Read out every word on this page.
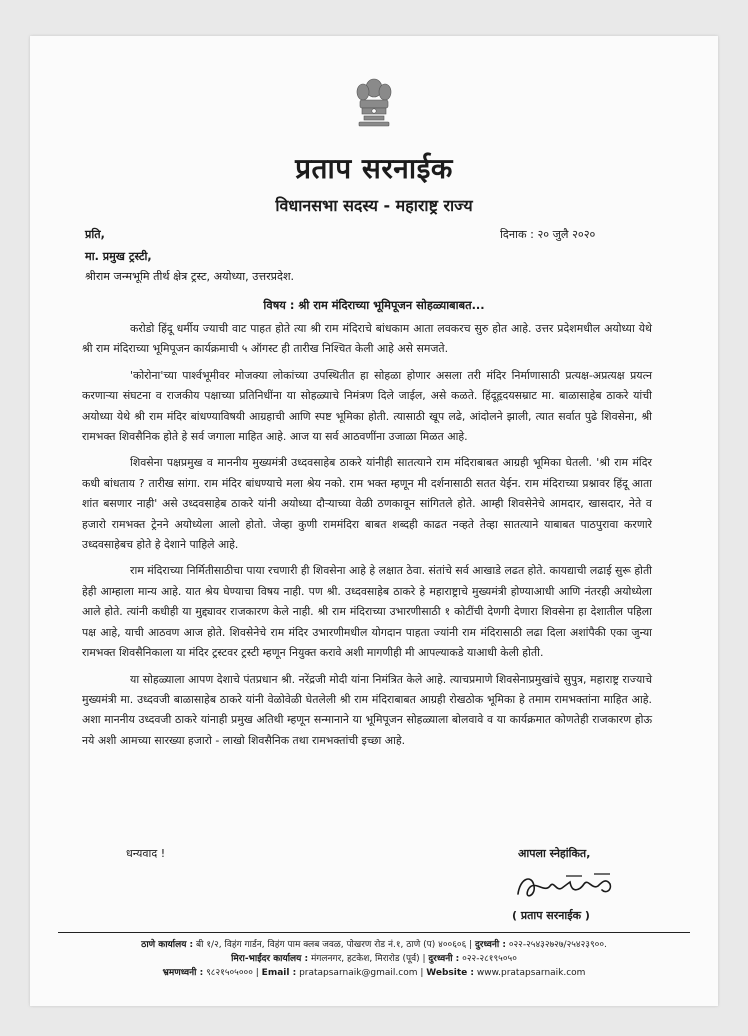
प्रताप सरनाईक
विधानसभा सदस्य - महाराष्ट्र राज्य
दिनाक : २० जुलै २०२०
प्रति,
मा. प्रमुख ट्रस्टी,
श्रीराम जन्मभूमि तीर्थ क्षेत्र ट्रस्ट, अयोध्या, उत्तरप्रदेश.
विषय : श्री राम मंदिराच्या भूमिपूजन सोहळ्याबाबत...

करोडो हिंदू धर्मीय ज्याची वाट पाहत होते त्या श्री राम मंदिराचे बांधकाम आता लवकरच सुरु होत आहे. उत्तर प्रदेशमधील अयोध्या येथे श्री राम मंदिराच्या भूमिपूजन कार्यक्रमाची ५ ऑगस्ट ही तारीख निश्चित केली आहे असे समजते.

'कोरोना'च्या पार्श्वभूमीवर मोजक्या लोकांच्या उपस्थितीत हा सोहळा होणार असला तरी मंदिर निर्माणासाठी प्रत्यक्ष-अप्रत्यक्ष प्रयत्न करणाऱ्या संघटना व राजकीय पक्षाच्या प्रतिनिधींना या सोहळ्याचे निमंत्रण दिले जाईल, असे कळते. हिंदूहृदयसम्राट मा. बाळासाहेब ठाकरे यांची अयोध्या येथे श्री राम मंदिर बांधण्याविषयी आग्रहाची आणि स्पष्ट भूमिका होती. त्यासाठी खूप लढे, आंदोलने झाली, त्यात सर्वात पुढे शिवसेना, श्री रामभक्त शिवसैनिक होते हे सर्व जगाला माहित आहे. आज या सर्व आठवणींना उजाळा मिळत आहे.

शिवसेना पक्षप्रमुख व माननीय मुख्यमंत्री उध्दवसाहेब ठाकरे यांनीही सातत्याने राम मंदिराबाबत आग्रही भूमिका घेतली. 'श्री राम मंदिर कधी बांधताय ? तारीख सांगा. राम मंदिर बांधण्याचे मला श्रेय नको. राम भक्त म्हणून मी दर्शनासाठी सतत येईन. राम मंदिराच्या प्रश्नावर हिंदू आता शांत बसणार नाही' असे उध्दवसाहेब ठाकरे यांनी अयोध्या दौऱ्याच्या वेळी ठणकावून सांगितले होते. आम्ही शिवसेनेचे आमदार, खासदार, नेते व हजारो रामभक्त ट्रेनने अयोध्येला आलो होतो. जेव्हा कुणी राममंदिरा बाबत शब्दही काढत नव्हते तेव्हा सातत्याने याबाबत पाठपुरावा करणारे उध्दवसाहेबच होते हे देशाने पाहिले आहे.

राम मंदिराच्या निर्मितीसाठीचा पाया रचणारी ही शिवसेना आहे हे लक्षात ठेवा. संतांचे सर्व आखाडे लढत होते. कायद्याची लढाई सुरू होती हेही आम्हाला मान्य आहे. यात श्रेय घेण्याचा विषय नाही. पण श्री. उध्दवसाहेब ठाकरे हे महाराष्ट्राचे मुख्यमंत्री होण्याआधी आणि नंतरही अयोध्येला आले होते. त्यांनी कधीही या मुद्द्यावर राजकारण केले नाही. श्री राम मंदिराच्या उभारणीसाठी १ कोटींची देणगी देणारा शिवसेना हा देशातील पहिला पक्ष आहे, याची आठवण आज होते. शिवसेनेचे राम मंदिर उभारणीमधील योगदान पाहता ज्यांनी राम मंदिरासाठी लढा दिला अशांपैकी एका जुन्या रामभक्त शिवसैनिकाला या मंदिर ट्रस्टवर ट्रस्टी म्हणून नियुक्त करावे अशी मागणीही मी आपल्याकडे याआधी केली होती.

या सोहळ्याला आपण देशाचे पंतप्रधान श्री. नरेंद्रजी मोदी यांना निमंत्रित केले आहे. त्याचप्रमाणे शिवसेनाप्रमुखांचे सुपुत्र, महाराष्ट्र राज्याचे मुख्यमंत्री मा. उध्दवजी बाळासाहेब ठाकरे यांनी वेळोवेळी घेतलेली श्री राम मंदिराबाबत आग्रही रोखठोक भूमिका हे तमाम रामभक्तांना माहित आहे. अशा माननीय उध्दवजी ठाकरे यांनाही प्रमुख अतिथी म्हणून सन्मानाने या भूमिपूजन सोहळ्याला बोलवावे व या कार्यक्रमात कोणतेही राजकारण होऊ नये अशी आमच्या सारख्या हजारो - लाखो शिवसैनिक तथा रामभक्तांची इच्छा आहे.

धन्यवाद !	आपला स्नेहांकित,
( प्रताप सरनाईक )
ठाणे कार्यालय : बी १/२, विहंग गार्डन, विहंग पाम क्लब जवळ, पोखरण रोड नं.१, ठाणे (प) ४००६०६ | दुरध्वनी : ०२२-२५४३२७२७/२५४२३९००.
मिरा-भाईंदर कार्यालय : मंगलनगर, हटकेश, मिरारोड (पूर्व) | दुरध्वनी : ०२२-२८१९५०५०
भ्रमणध्वनी : ९८२१५०५००० | Email : pratapsarnaik@gmail.com | Website : www.pratapsarnaik.com
